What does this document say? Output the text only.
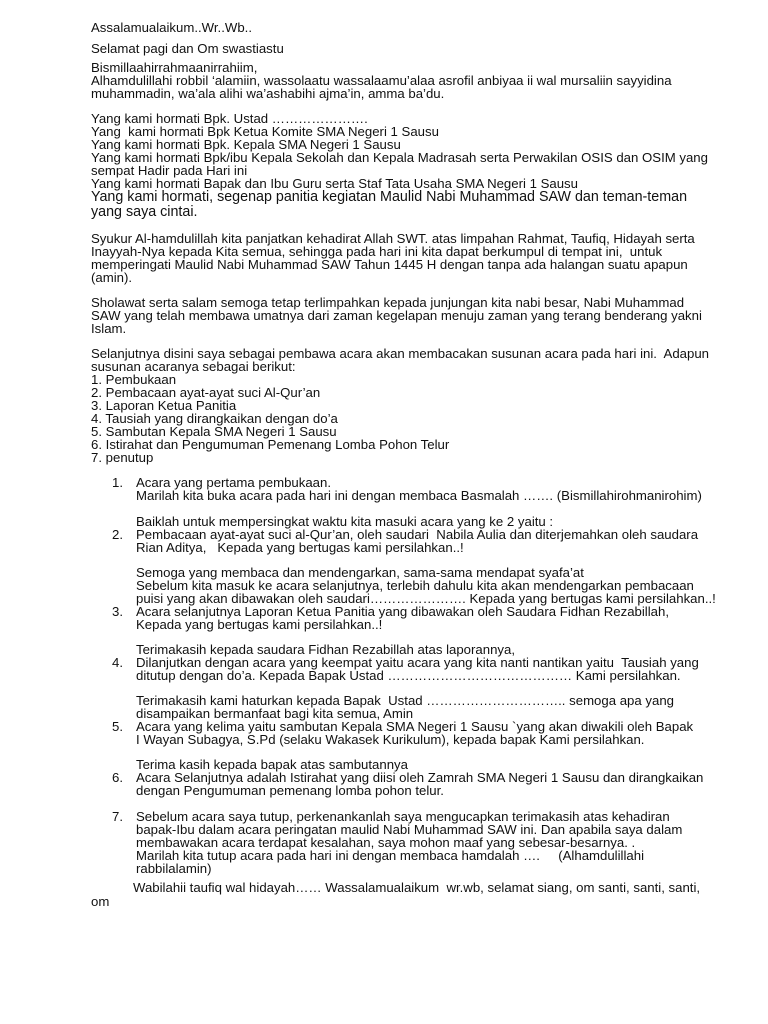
Assalamualaikum..Wr..Wb..
Selamat pagi dan Om swastiastu
Bismillaahirrahmaanirrahiim,
Alhamdulillahi robbil ‘alamiin, wassolaatu wassalaamu’alaa asrofil anbiyaa ii wal mursaliin sayyidina
muhammadin, wa’ala alihi wa’ashabihi ajma’in, amma ba’du.
Yang kami hormati Bpk. Ustad ………………….
Yang  kami hormati Bpk Ketua Komite SMA Negeri 1 Sausu
Yang kami hormati Bpk. Kepala SMA Negeri 1 Sausu
Yang kami hormati Bpk/ibu Kepala Sekolah dan Kepala Madrasah serta Perwakilan OSIS dan OSIM yang
sempat Hadir pada Hari ini
Yang kami hormati Bapak dan Ibu Guru serta Staf Tata Usaha SMA Negeri 1 Sausu
Yang kami hormati, segenap panitia kegiatan Maulid Nabi Muhammad SAW dan teman-teman
yang saya cintai.
Syukur Al-hamdulillah kita panjatkan kehadirat Allah SWT. atas limpahan Rahmat, Taufiq, Hidayah serta
Inayyah-Nya kepada Kita semua, sehingga pada hari ini kita dapat berkumpul di tempat ini,  untuk
memperingati Maulid Nabi Muhammad SAW Tahun 1445 H dengan tanpa ada halangan suatu apapun
(amin).
Sholawat serta salam semoga tetap terlimpahkan kepada junjungan kita nabi besar, Nabi Muhammad
SAW yang telah membawa umatnya dari zaman kegelapan menuju zaman yang terang benderang yakni
Islam.
Selanjutnya disini saya sebagai pembawa acara akan membacakan susunan acara pada hari ini.  Adapun
susunan acaranya sebagai berikut:
1. Pembukaan
2. Pembacaan ayat-ayat suci Al-Qur’an
3. Laporan Ketua Panitia
4. Tausiah yang dirangkaikan dengan do’a
5. Sambutan Kepala SMA Negeri 1 Sausu
6. Istirahat dan Pengumuman Pemenang Lomba Pohon Telur
7. penutup
1. Acara yang pertama pembukaan.
Marilah kita buka acara pada hari ini dengan membaca Basmalah ……. (Bismillahirohmanirohim)
Baiklah untuk mempersingkat waktu kita masuki acara yang ke 2 yaitu :
2. Pembacaan ayat-ayat suci al-Qur’an, oleh saudari  Nabila Aulia dan diterjemahkan oleh saudara
Rian Aditya,   Kepada yang bertugas kami persilahkan..!
Semoga yang membaca dan mendengarkan, sama-sama mendapat syafa’at
Sebelum kita masuk ke acara selanjutnya, terlebih dahulu kita akan mendengarkan pembacaan
puisi yang akan dibawakan oleh saudari…………………. Kepada yang bertugas kami persilahkan..!
3. Acara selanjutnya Laporan Ketua Panitia yang dibawakan oleh Saudara Fidhan Rezabillah,
Kepada yang bertugas kami persilahkan..!
Terimakasih kepada saudara Fidhan Rezabillah atas laporannya,
4. Dilanjutkan dengan acara yang keempat yaitu acara yang kita nanti nantikan yaitu  Tausiah yang
ditutup dengan do’a. Kepada Bapak Ustad …………………………………… Kami persilahkan.
Terimakasih kami haturkan kepada Bapak  Ustad ………………………….. semoga apa yang
disampaikan bermanfaat bagi kita semua, Amin
5. Acara yang kelima yaitu sambutan Kepala SMA Negeri 1 Sausu `yang akan diwakili oleh Bapak
I Wayan Subagya, S.Pd (selaku Wakasek Kurikulum), kepada bapak Kami persilahkan.
Terima kasih kepada bapak atas sambutannya
6. Acara Selanjutnya adalah Istirahat yang diisi oleh Zamrah SMA Negeri 1 Sausu dan dirangkaikan
dengan Pengumuman pemenang lomba pohon telur.
7. Sebelum acara saya tutup, perkenankanlah saya mengucapkan terimakasih atas kehadiran
bapak-Ibu dalam acara peringatan maulid Nabi Muhammad SAW ini. Dan apabila saya dalam
membawakan acara terdapat kesalahan, saya mohon maaf yang sebesar-besarnya. .
Marilah kita tutup acara pada hari ini dengan membaca hamdalah ….     (Alhamdulillahi
rabbilalamin)
Wabilahii taufiq wal hidayah…… Wassalamualaikum  wr.wb, selamat siang, om santi, santi, santi,
om
